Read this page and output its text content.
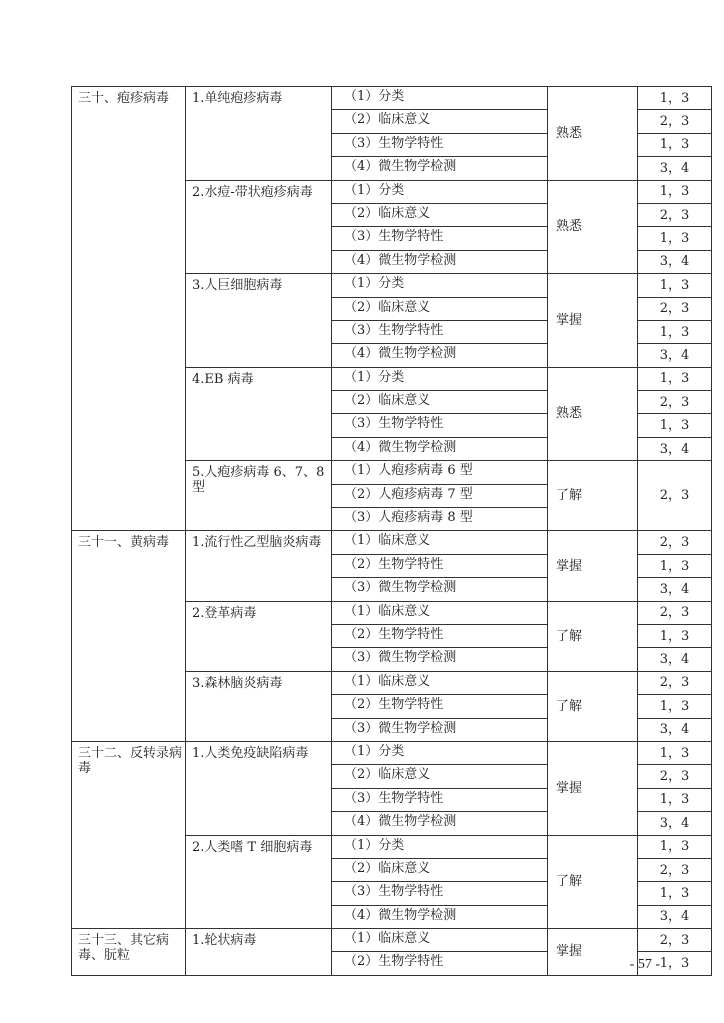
三十、疱疹病毒	1.单纯疱疹病毒	（1）分类	熟悉	1，3
		（2）临床意义		2，3
		（3）生物学特性		1，3
		（4）微生物学检测		3，4
	2.水痘-带状疱疹病毒	（1）分类	熟悉	1，3
		（2）临床意义		2，3
		（3）生物学特性		1，3
		（4）微生物学检测		3，4
	3.人巨细胞病毒	（1）分类	掌握	1，3
		（2）临床意义		2，3
		（3）生物学特性		1，3
		（4）微生物学检测		3，4
	4.EB 病毒	（1）分类	熟悉	1，3
		（2）临床意义		2，3
		（3）生物学特性		1，3
		（4）微生物学检测		3，4
	5.人疱疹病毒 6、7、8 型	（1）人疱疹病毒 6 型	了解	2，3
		（2）人疱疹病毒 7 型		
		（3）人疱疹病毒 8 型		
三十一、黄病毒	1.流行性乙型脑炎病毒	（1）临床意义	掌握	2，3
		（2）生物学特性		1，3
		（3）微生物学检测		3，4
	2.登革病毒	（1）临床意义	了解	2，3
		（2）生物学特性		1，3
		（3）微生物学检测		3，4
	3.森林脑炎病毒	（1）临床意义	了解	2，3
		（2）生物学特性		1，3
		（3）微生物学检测		3，4
三十二、反转录病毒	1.人类免疫缺陷病毒	（1）分类	掌握	1，3
		（2）临床意义		2，3
		（3）生物学特性		1，3
		（4）微生物学检测		3，4
	2.人类嗜 T 细胞病毒	（1）分类	了解	1，3
		（2）临床意义		2，3
		（3）生物学特性		1，3
		（4）微生物学检测		3，4
三十三、其它病毒、朊粒	1.轮状病毒	（1）临床意义	掌握	2，3
		（2）生物学特性		1，3
- 57 -
